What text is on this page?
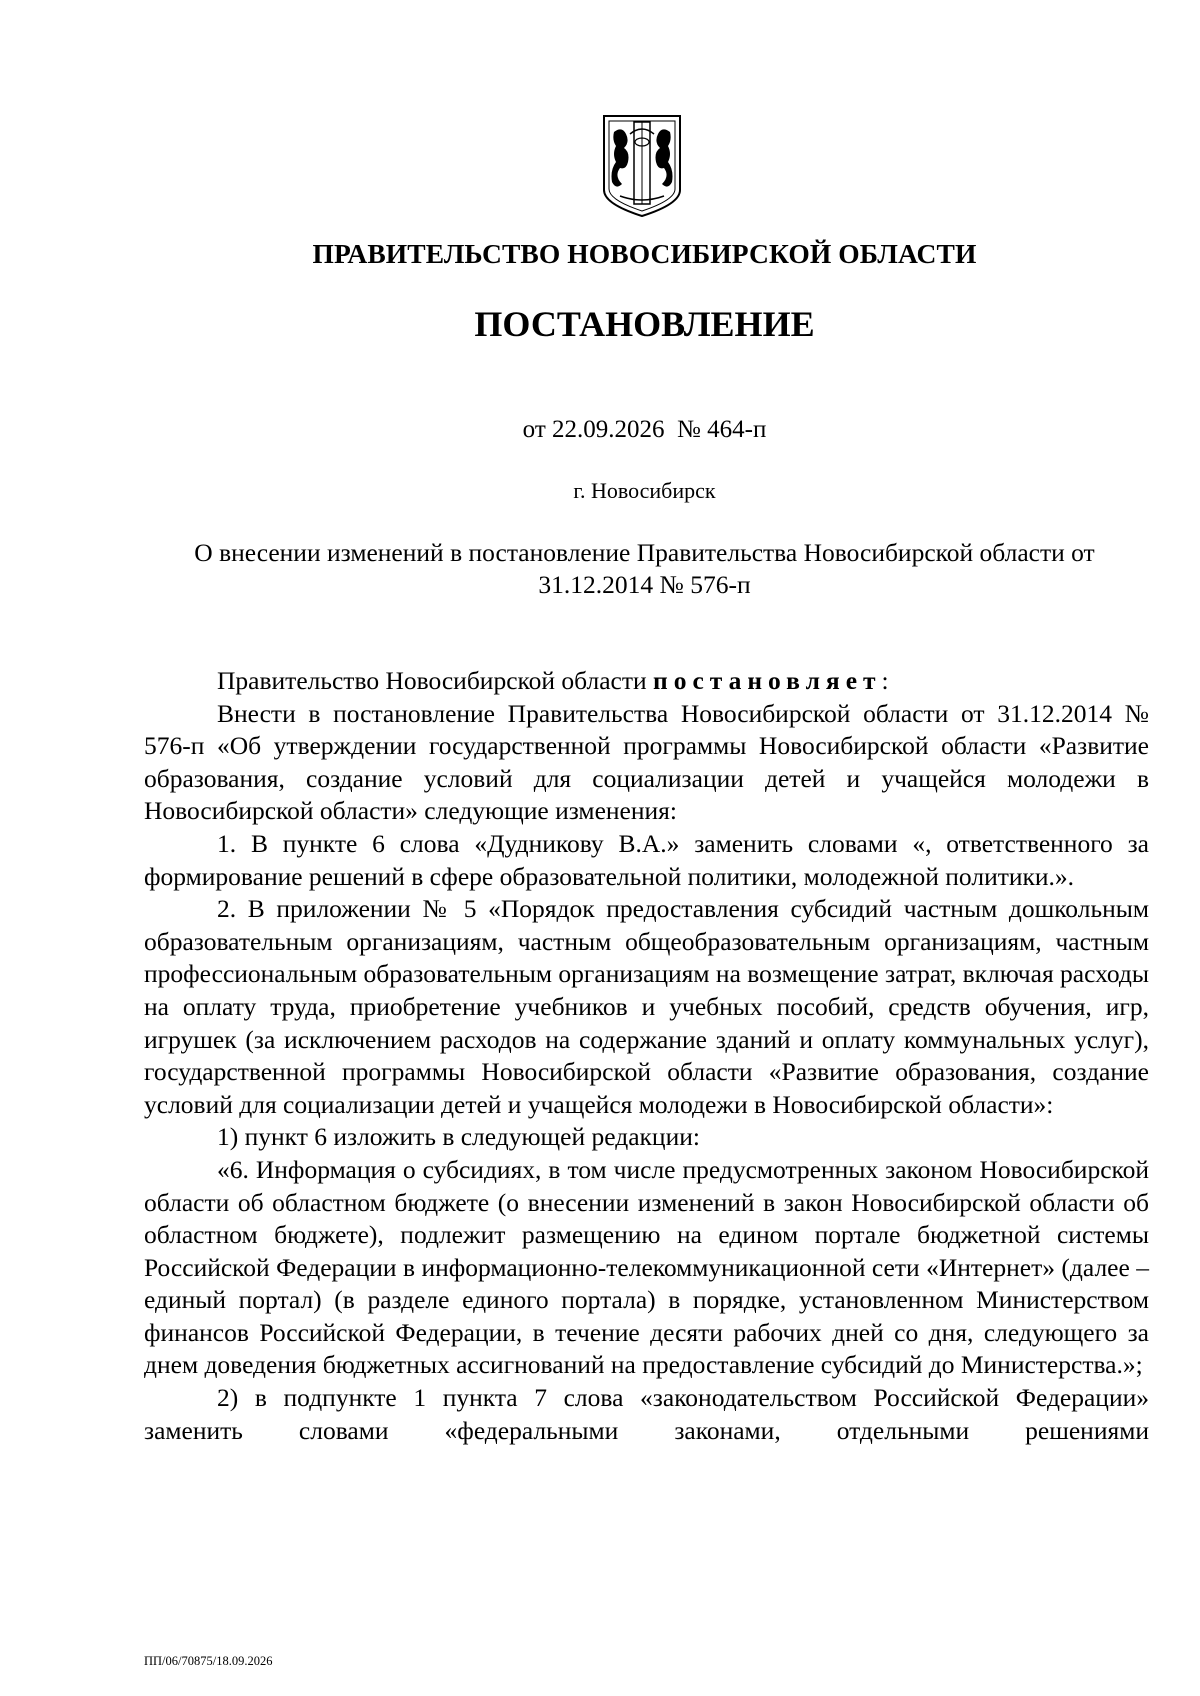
ПРАВИТЕЛЬСТВО НОВОСИБИРСКОЙ ОБЛАСТИ
ПОСТАНОВЛЕНИЕ
от 22.09.2026  № 464-п
г. Новосибирск
О внесении изменений в постановление Правительства Новосибирской области от 31.12.2014 № 576-п

Правительство Новосибирской области постановляет:

Внести в постановление Правительства Новосибирской области от 31.12.2014 № 576-п «Об утверждении государственной программы Новосибирской области «Развитие образования, создание условий для социализации детей и учащейся молодежи в Новосибирской области» следующие изменения:

1. В пункте 6 слова «Дудникову В.А.» заменить словами «, ответственного за формирование решений в сфере образовательной политики, молодежной политики.».

2. В приложении № 5 «Порядок предоставления субсидий частным дошкольным образовательным организациям, частным общеобразовательным организациям, частным профессиональным образовательным организациям на возмещение затрат, включая расходы на оплату труда, приобретение учебников и учебных пособий, средств обучения, игр, игрушек (за исключением расходов на содержание зданий и оплату коммунальных услуг), государственной программы Новосибирской области «Развитие образования, создание условий для социализации детей и учащейся молодежи в Новосибирской области»:

1) пункт 6 изложить в следующей редакции:

«6. Информация о субсидиях, в том числе предусмотренных законом Новосибирской области об областном бюджете (о внесении изменений в закон Новосибирской области об областном бюджете), подлежит размещению на едином портале бюджетной системы Российской Федерации в информационно-телекоммуникационной сети «Интернет» (далее – единый портал) (в разделе единого портала) в порядке, установленном Министерством финансов Российской Федерации, в течение десяти рабочих дней со дня, следующего за днем доведения бюджетных ассигнований на предоставление субсидий до Министерства.»;

2) в подпункте 1 пункта 7 слова «законодательством Российской Федерации» заменить словами «федеральными законами, отдельными решениями

ПП/06/70875/18.09.2026
